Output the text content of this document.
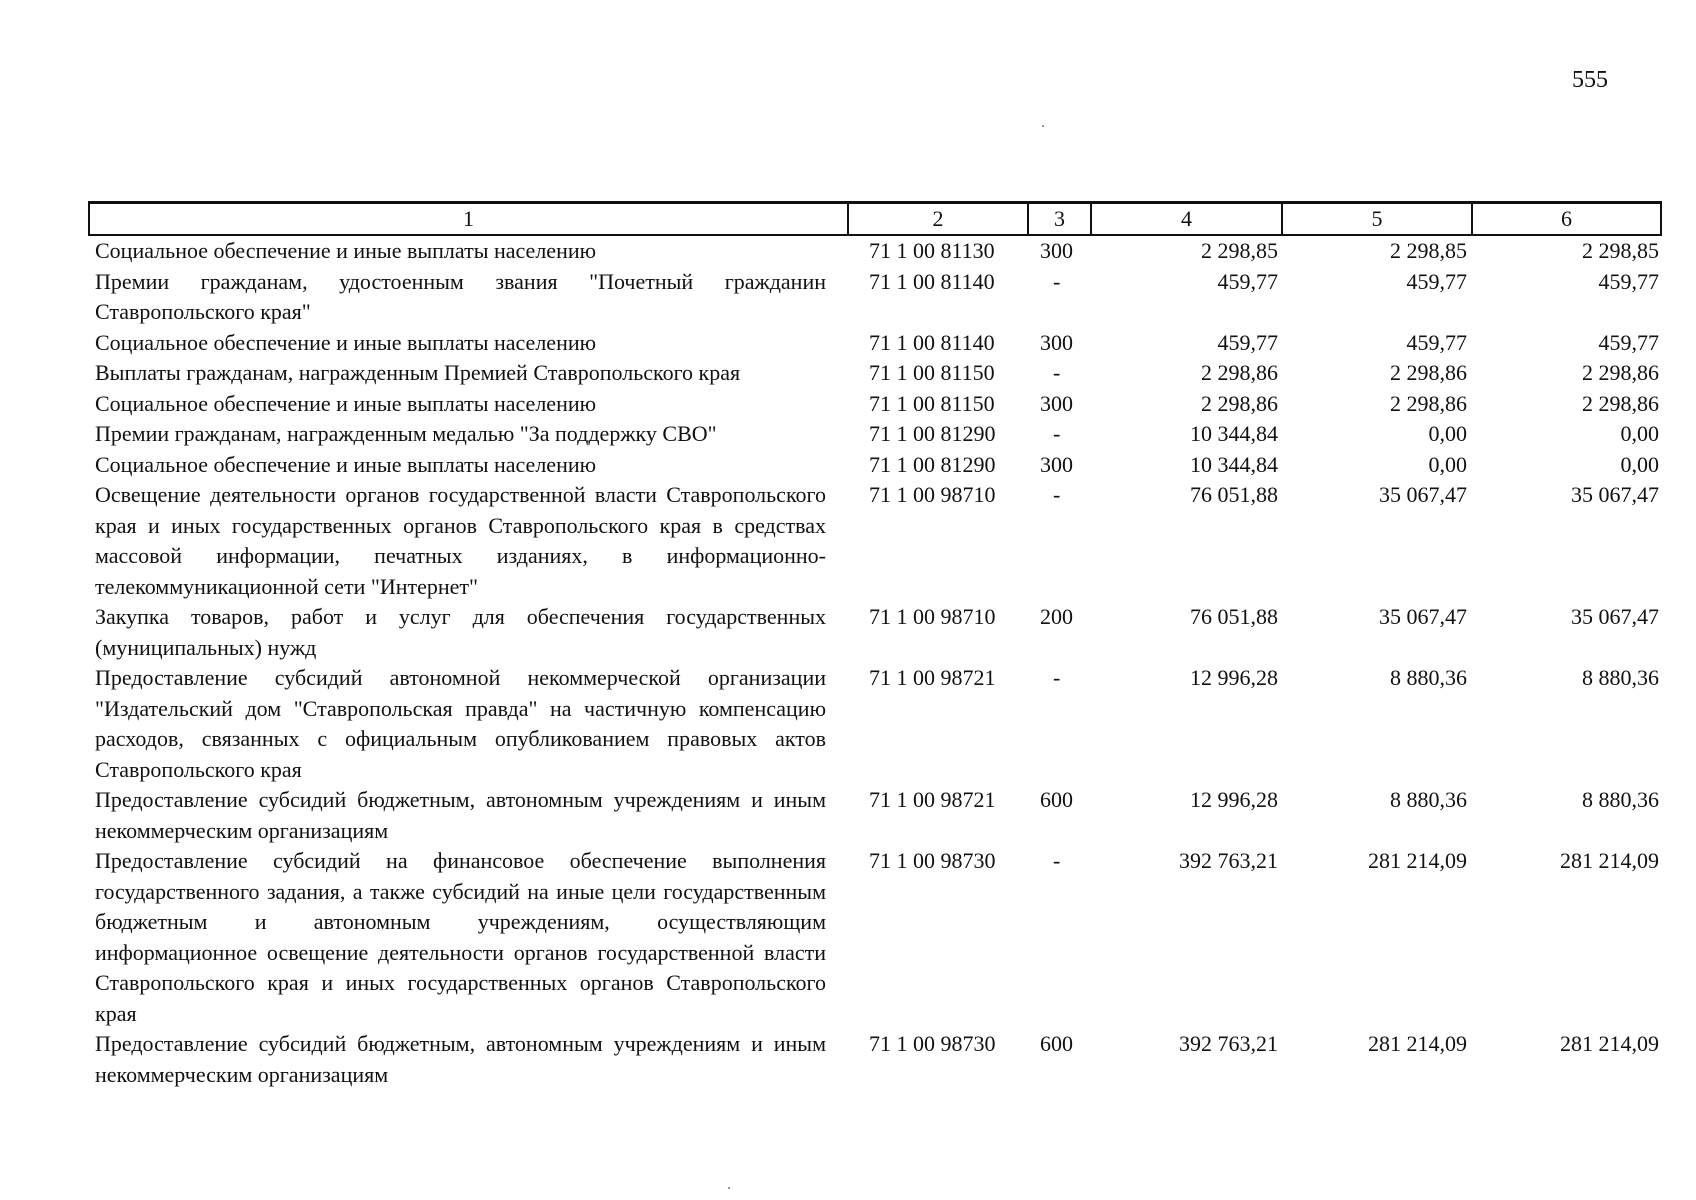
555
1	2	3	4	5	6
Социальное обеспечение и иные выплаты населению	71 1 00 81130	300	2 298,85	2 298,85	2 298,85
Премии гражданам, удостоенным звания "Почетный гражданин Ставропольского края"	71 1 00 81140	-	459,77	459,77	459,77
Социальное обеспечение и иные выплаты населению	71 1 00 81140	300	459,77	459,77	459,77
Выплаты гражданам, награжденным Премией Ставропольского края	71 1 00 81150	-	2 298,86	2 298,86	2 298,86
Социальное обеспечение и иные выплаты населению	71 1 00 81150	300	2 298,86	2 298,86	2 298,86
Премии гражданам, награжденным медалью "За поддержку СВО"	71 1 00 81290	-	10 344,84	0,00	0,00
Социальное обеспечение и иные выплаты населению	71 1 00 81290	300	10 344,84	0,00	0,00
Освещение деятельности органов государственной власти Ставропольского края и иных государственных органов Ставропольского края в средствах массовой информации, печатных изданиях, в информационно-телекоммуникационной сети "Интернет"	71 1 00 98710	-	76 051,88	35 067,47	35 067,47
Закупка товаров, работ и услуг для обеспечения государственных (муниципальных) нужд	71 1 00 98710	200	76 051,88	35 067,47	35 067,47
Предоставление субсидий автономной некоммерческой организации "Издательский дом "Ставропольская правда" на частичную компенсацию расходов, связанных с официальным опубликованием правовых актов Ставропольского края	71 1 00 98721	-	12 996,28	8 880,36	8 880,36
Предоставление субсидий бюджетным, автономным учреждениям и иным некоммерческим организациям	71 1 00 98721	600	12 996,28	8 880,36	8 880,36
Предоставление субсидий на финансовое обеспечение выполнения государственного задания, а также субсидий на иные цели государственным бюджетным и автономным учреждениям, осуществляющим информационное освещение деятельности органов государственной власти Ставропольского края и иных государственных органов Ставропольского края	71 1 00 98730	-	392 763,21	281 214,09	281 214,09
Предоставление субсидий бюджетным, автономным учреждениям и иным некоммерческим организациям	71 1 00 98730	600	392 763,21	281 214,09	281 214,09
